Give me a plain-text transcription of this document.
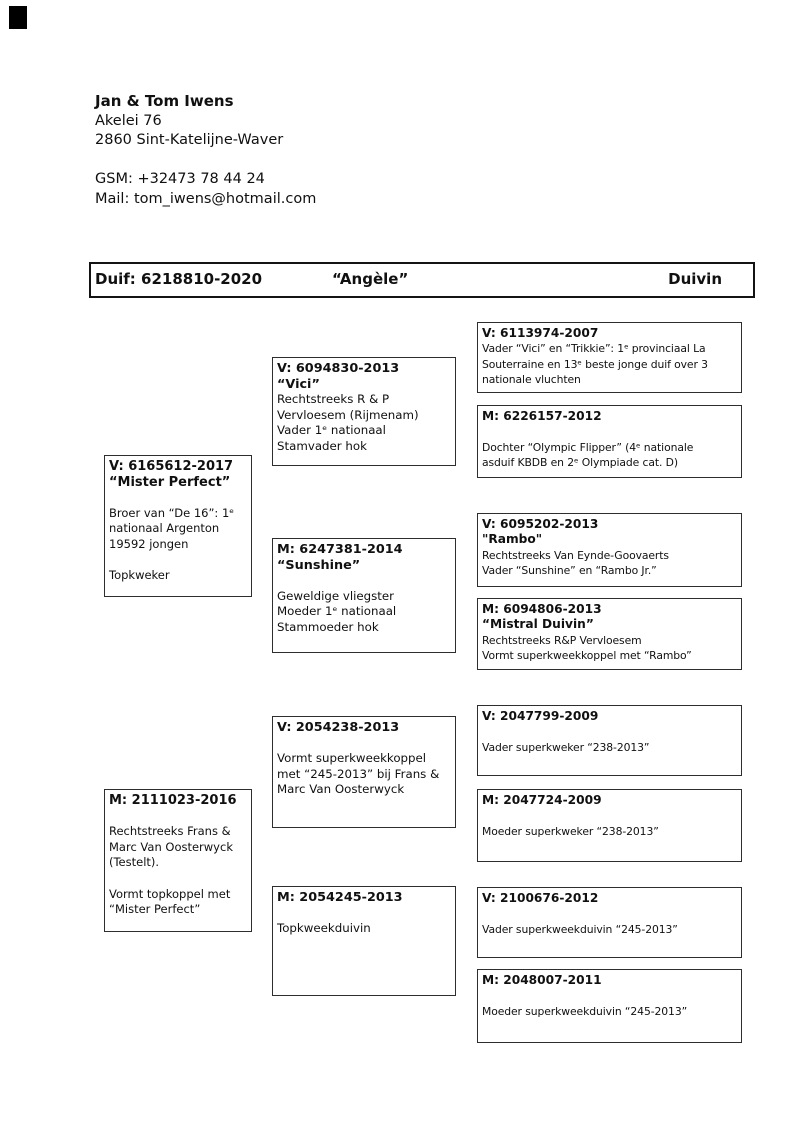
Jan & Tom Iwens
Akelei 76
2860 Sint-Katelijne-Waver
GSM: +32473 78 44 24
Mail: tom_iwens@hotmail.com
Duif: 6218810-2020	“Angèle”	Duivin
V: 6165612-2017
“Mister Perfect”
Broer van “De 16”: 1ᵉ
nationaal Argenton
19592 jongen
Topkweker
M: 2111023-2016
Rechtstreeks Frans &
Marc Van Oosterwyck
(Testelt).
Vormt topkoppel met
“Mister Perfect”
V: 6094830-2013
“Vici”
Rechtstreeks R & P
Vervloesem (Rijmenam)
Vader 1ᵉ nationaal
Stamvader hok
M: 6247381-2014
“Sunshine”
Geweldige vliegster
Moeder 1ᵉ nationaal
Stammoeder hok
V: 2054238-2013
Vormt superkweekkoppel
met “245-2013” bij Frans &
Marc Van Oosterwyck
M: 2054245-2013
Topkweekduivin
V: 6113974-2007
Vader “Vici” en “Trikkie”: 1ᵉ provinciaal La
Souterraine en 13ᵉ beste jonge duif over 3
nationale vluchten
M: 6226157-2012
Dochter “Olympic Flipper” (4ᵉ nationale
asduif KBDB en 2ᵉ Olympiade cat. D)
V: 6095202-2013
"Rambo"
Rechtstreeks Van Eynde-Goovaerts
Vader “Sunshine” en “Rambo Jr.”
M: 6094806-2013
“Mistral Duivin”
Rechtstreeks R&P Vervloesem
Vormt superkweekkoppel met “Rambo”
V: 2047799-2009
Vader superkweker “238-2013”
M: 2047724-2009
Moeder superkweker “238-2013”
V: 2100676-2012
Vader superkweekduivin “245-2013”
M: 2048007-2011
Moeder superkweekduivin “245-2013”
